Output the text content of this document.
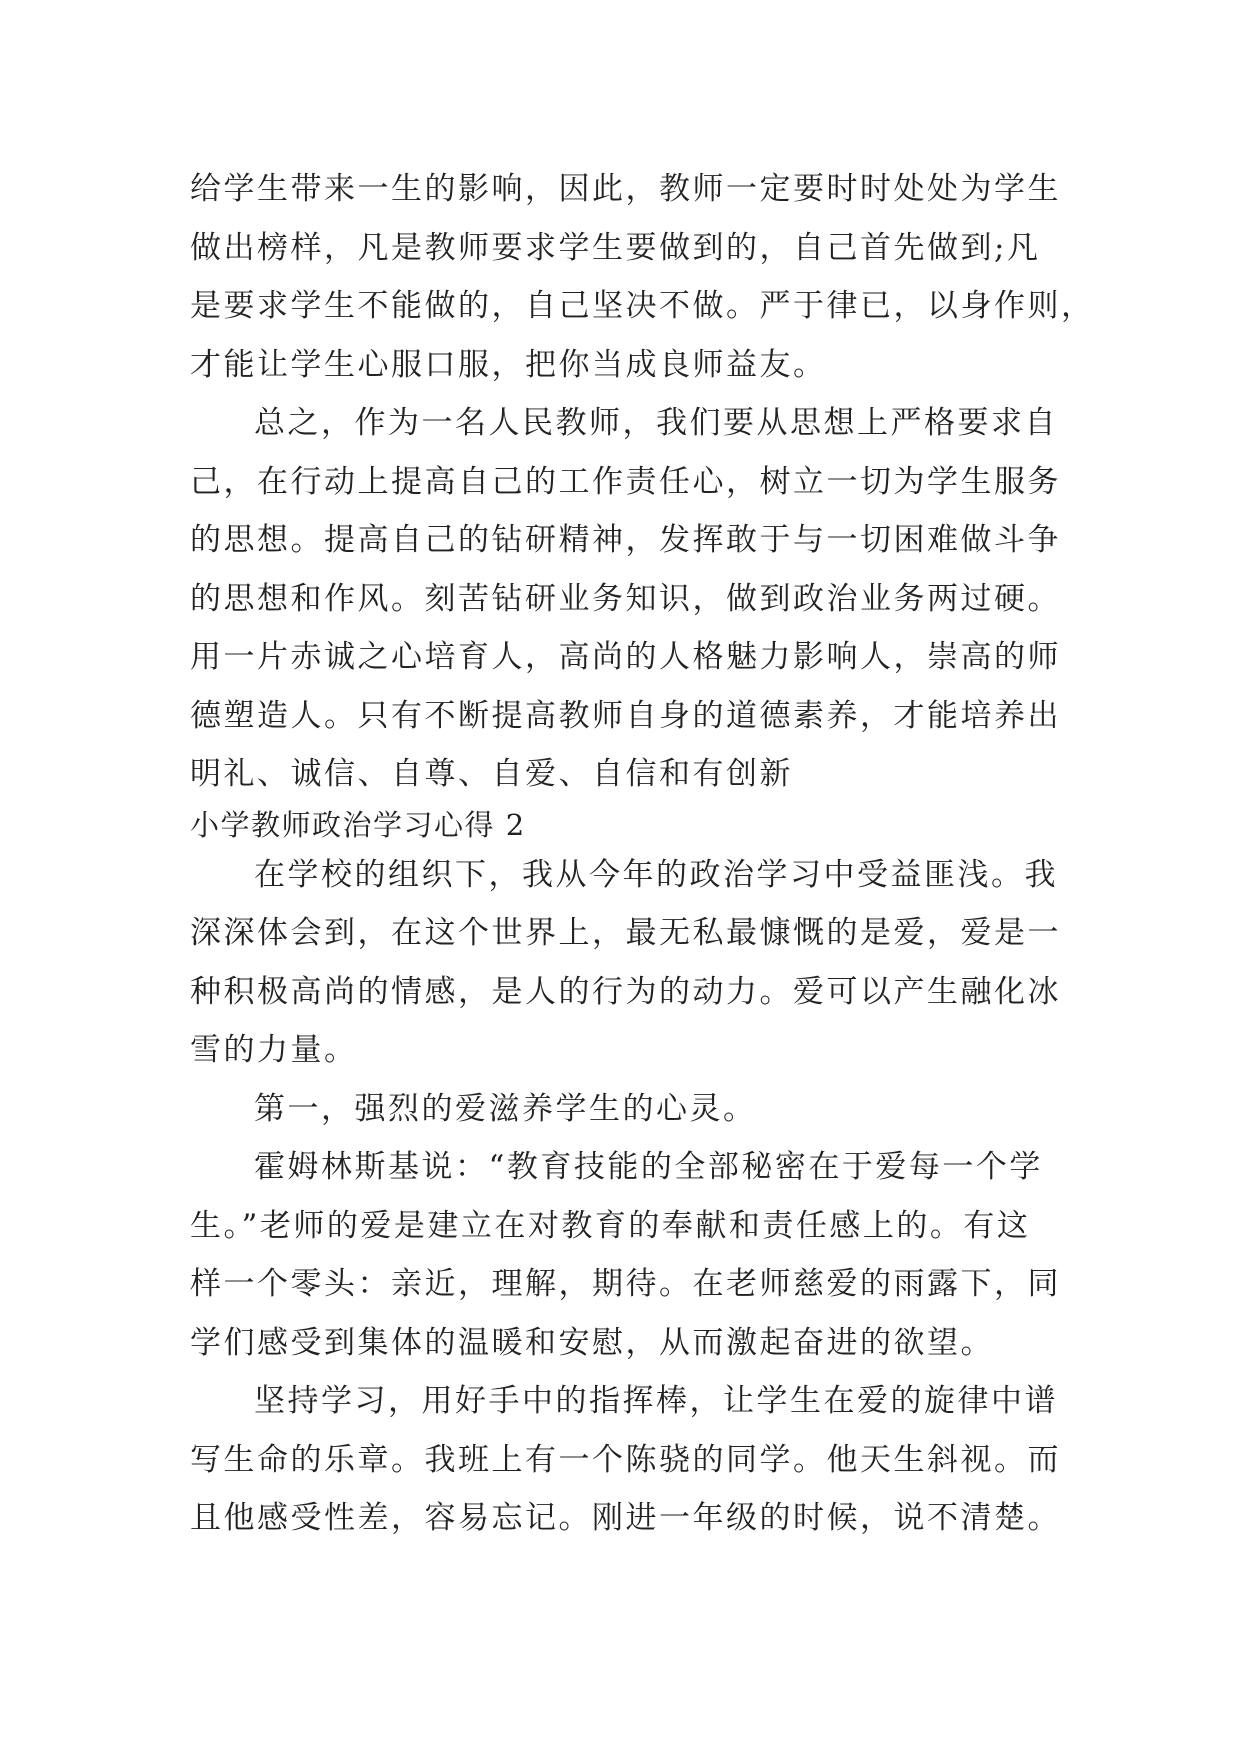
给学生带来一生的影响，因此，教师一定要时时处处为学生
做出榜样，凡是教师要求学生要做到的，自己首先做到;凡
是要求学生不能做的，自己坚决不做。严于律已，以身作则，
才能让学生心服口服，把你当成良师益友。
总之，作为一名人民教师，我们要从思想上严格要求自
己，在行动上提高自己的工作责任心，树立一切为学生服务
的思想。提高自己的钻研精神，发挥敢于与一切困难做斗争
的思想和作风。刻苦钻研业务知识，做到政治业务两过硬。
用一片赤诚之心培育人，高尚的人格魅力影响人，崇高的师
德塑造人。只有不断提高教师自身的道德素养，才能培养出
明礼、诚信、自尊、自爱、自信和有创新
小学教师政治学习心得 2
在学校的组织下，我从今年的政治学习中受益匪浅。我
深深体会到，在这个世界上，最无私最慷慨的是爱，爱是一
种积极高尚的情感，是人的行为的动力。爱可以产生融化冰
雪的力量。
第一，强烈的爱滋养学生的心灵。
霍姆林斯基说：“教育技能的全部秘密在于爱每一个学
生。”老师的爱是建立在对教育的奉献和责任感上的。有这
样一个零头：亲近，理解，期待。在老师慈爱的雨露下，同
学们感受到集体的温暖和安慰，从而激起奋进的欲望。
坚持学习，用好手中的指挥棒，让学生在爱的旋律中谱
写生命的乐章。我班上有一个陈骁的同学。他天生斜视。而
且他感受性差，容易忘记。刚进一年级的时候，说不清楚。
